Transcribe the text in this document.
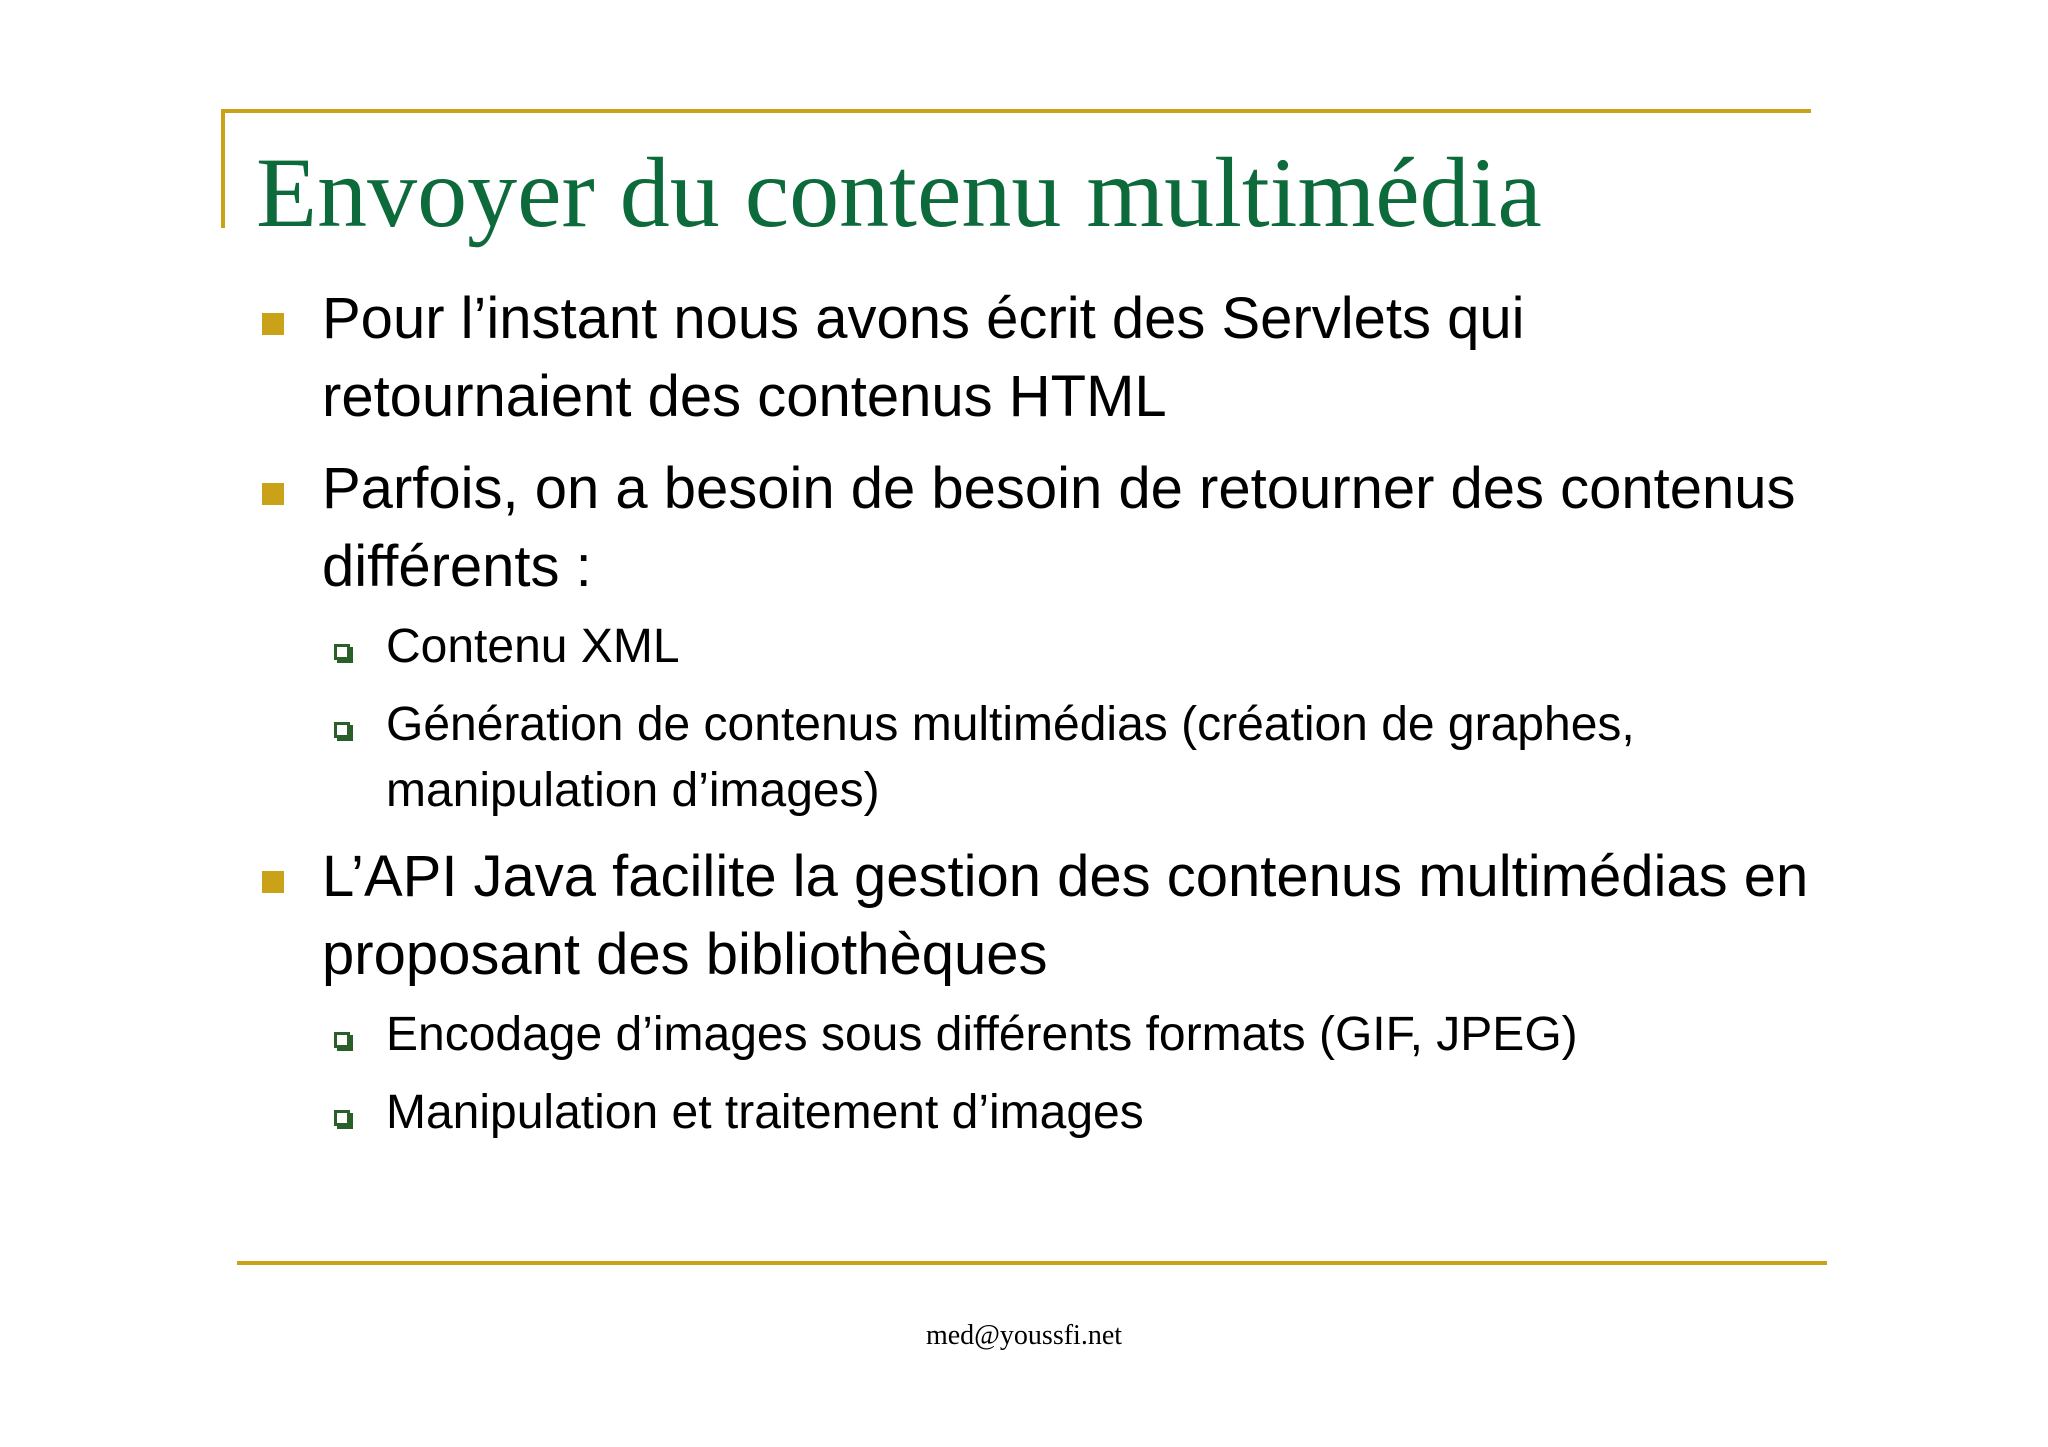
Envoyer du contenu multimédia
Pour l’instant nous avons écrit des Servlets qui retournaient des contenus HTML
Parfois, on a besoin de besoin de retourner des contenus différents :
Contenu XML
Génération de contenus multimédias (création de graphes, manipulation d’images)
L’API Java facilite la gestion des contenus multimédias en proposant des bibliothèques
Encodage d’images sous différents formats (GIF, JPEG)
Manipulation et traitement d’images
med@youssfi.net
